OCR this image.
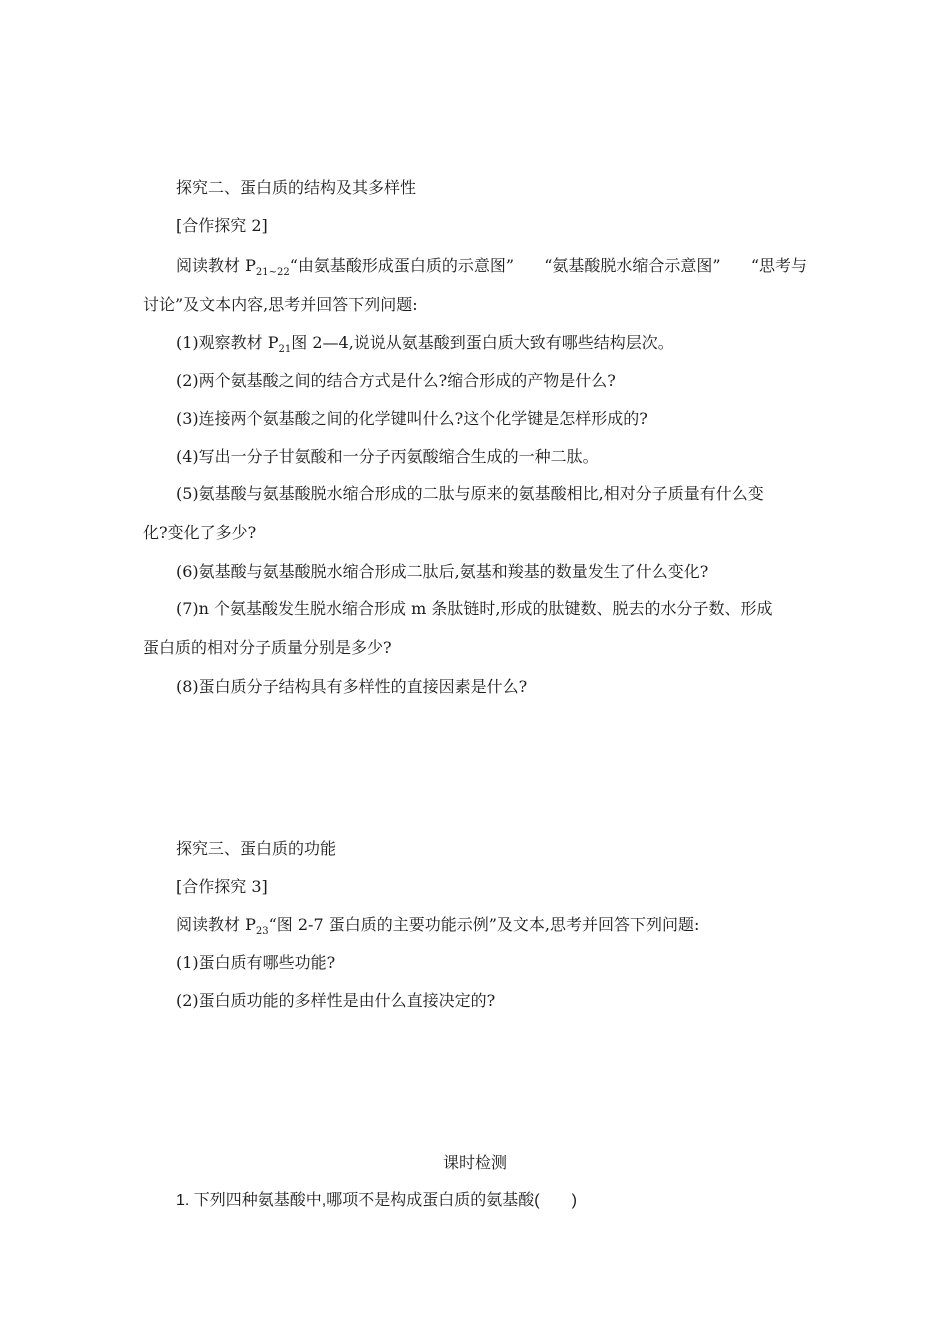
探究二、蛋白质的结构及其多样性
[合作探究 2]
阅读教材 $P_{21\sim 22}“$由氨基酸形成蛋白质的示意图” “氨基酸脱水缩合示意图” “思考与
讨论”及文本内容,思考并回答下列问题:
(1)观察教材 $P_{21}$图 2—4,说说从氨基酸到蛋白质大致有哪些结构层次。
(2)两个氨基酸之间的结合方式是什么?缩合形成的产物是什么?
(3)连接两个氨基酸之间的化学键叫什么?这个化学键是怎样形成的?
(4)写出一分子甘氨酸和一分子丙氨酸缩合生成的一种二肽。
(5)氨基酸与氨基酸脱水缩合形成的二肽与原来的氨基酸相比,相对分子质量有什么变
化?变化了多少?
(6)氨基酸与氨基酸脱水缩合形成二肽后,氨基和羧基的数量发生了什么变化?
(7)n 个氨基酸发生脱水缩合形成 m 条肽链时,形成的肽键数、脱去的水分子数、形成
蛋白质的相对分子质量分别是多少?
(8)蛋白质分子结构具有多样性的直接因素是什么?
探究三、蛋白质的功能
[合作探究 3]
阅读教材 $P_{23}“$图 2-7 蛋白质的主要功能示例”及文本,思考并回答下列问题:
(1)蛋白质有哪些功能?
(2)蛋白质功能的多样性是由什么直接决定的?
课时检测
1. 下列四种氨基酸中,哪项不是构成蛋白质的氨基酸(　　)
